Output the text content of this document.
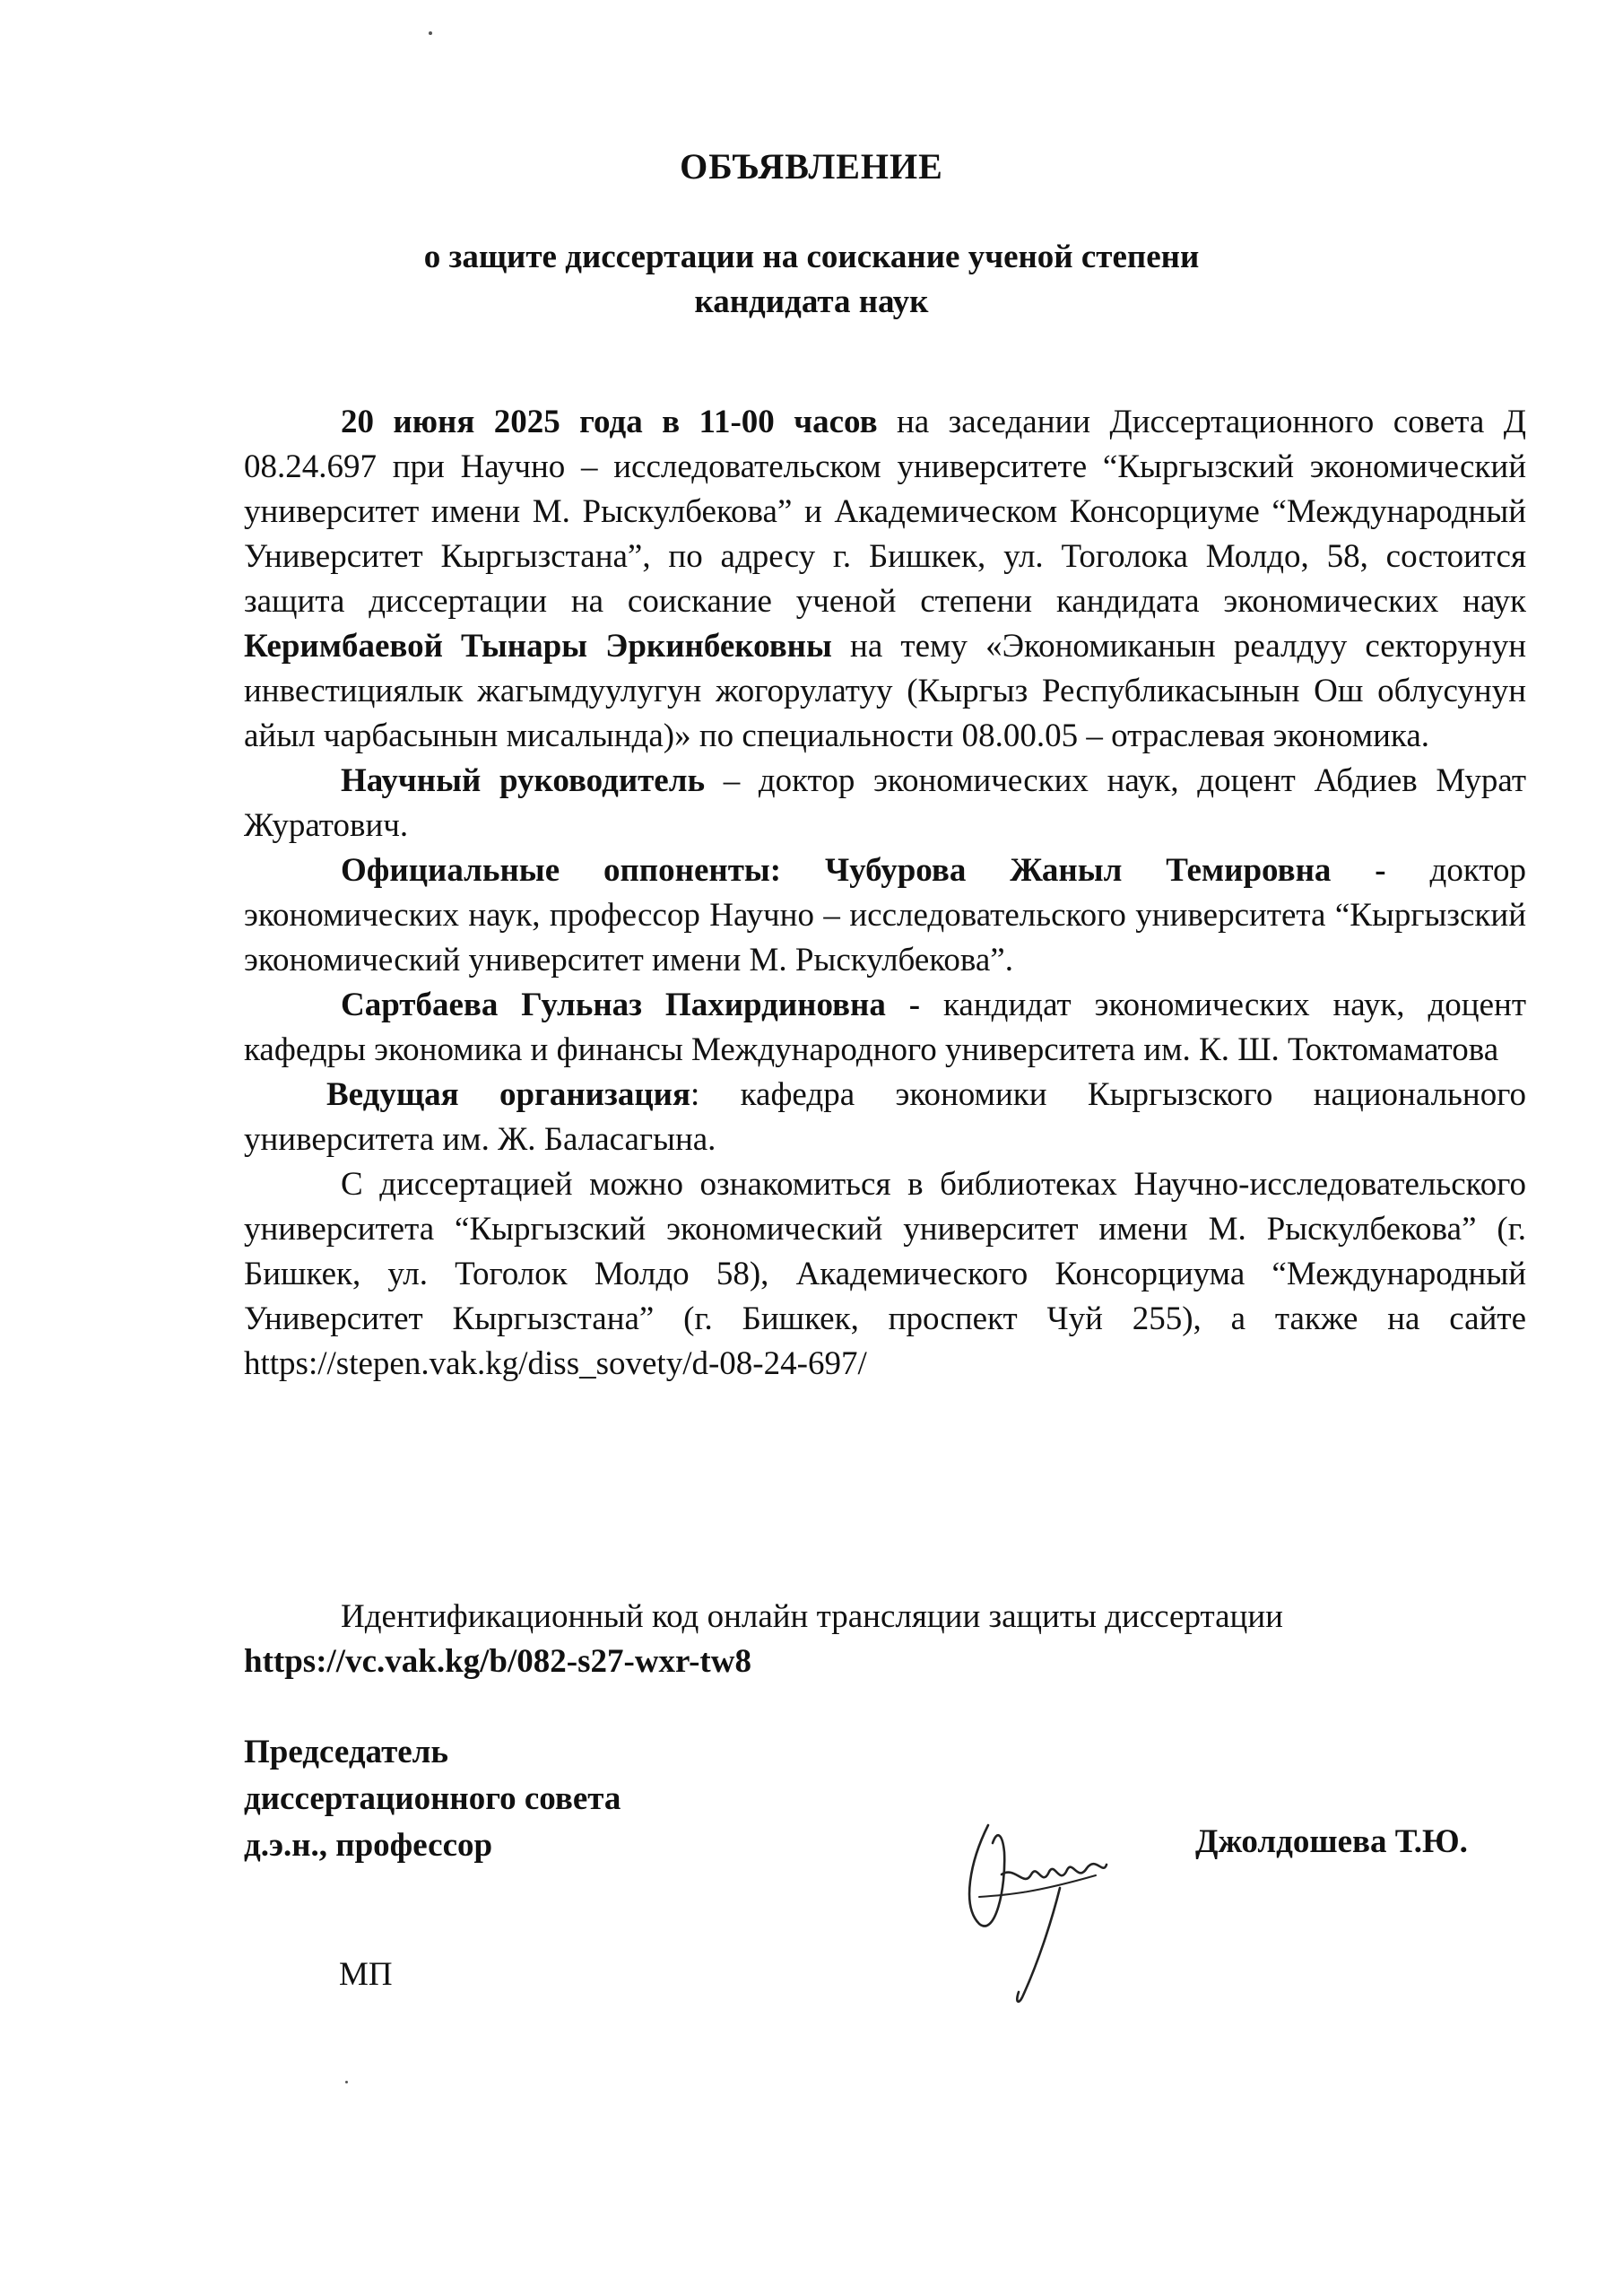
ОБЪЯВЛЕНИЕ
о защите диссертации на соискание ученой степени
кандидата наук

20 июня 2025 года в 11-00 часов на заседании Диссертационного совета Д 08.24.697 при Научно – исследовательском университете “Кыргызский экономический университет имени М. Рыскулбекова” и Академическом Консорциуме “Международный Университет Кыргызстана”, по адресу г. Бишкек, ул. Тоголока Молдо, 58, состоится защита диссертации на соискание ученой степени кандидата экономических наук Керимбаевой Тынары Эркинбековны на тему «Экономиканын реалдуу секторунун инвестициялык жагымдуулугун жогорулатуу (Кыргыз Республикасынын Ош облусунун айыл чарбасынын мисалында)» по специальности 08.00.05 – отраслевая экономика.

Научный руководитель – доктор экономических наук, доцент Абдиев Мурат Журатович.

Официальные оппоненты: Чубурова Жаныл Темировна - доктор экономических наук, профессор Научно – исследовательского университета “Кыргызский экономический университет имени М. Рыскулбекова”.

Сартбаева Гульназ Пахирдиновна - кандидат экономических наук, доцент кафедры экономика и финансы Международного университета им. К. Ш. Токтомаматова

Ведущая организация: кафедра экономики Кыргызского национального университета им. Ж. Баласагына.

С диссертацией можно ознакомиться в библиотеках Научно-исследовательского университета “Кыргызский экономический университет имени М. Рыскулбекова” (г. Бишкек, ул. Тоголок Молдо 58), Академического Консорциума “Международный Университет Кыргызстана” (г. Бишкек, проспект Чуй 255), а также на сайте https://stepen.vak.kg/diss_sovety/d-08-24-697/

Идентификационный код онлайн трансляции защиты диссертации
https://vc.vak.kg/b/082-s27-wxr-tw8
Председатель
диссертационного совета
д.э.н., профессор	Джолдошева Т.Ю.
МП
